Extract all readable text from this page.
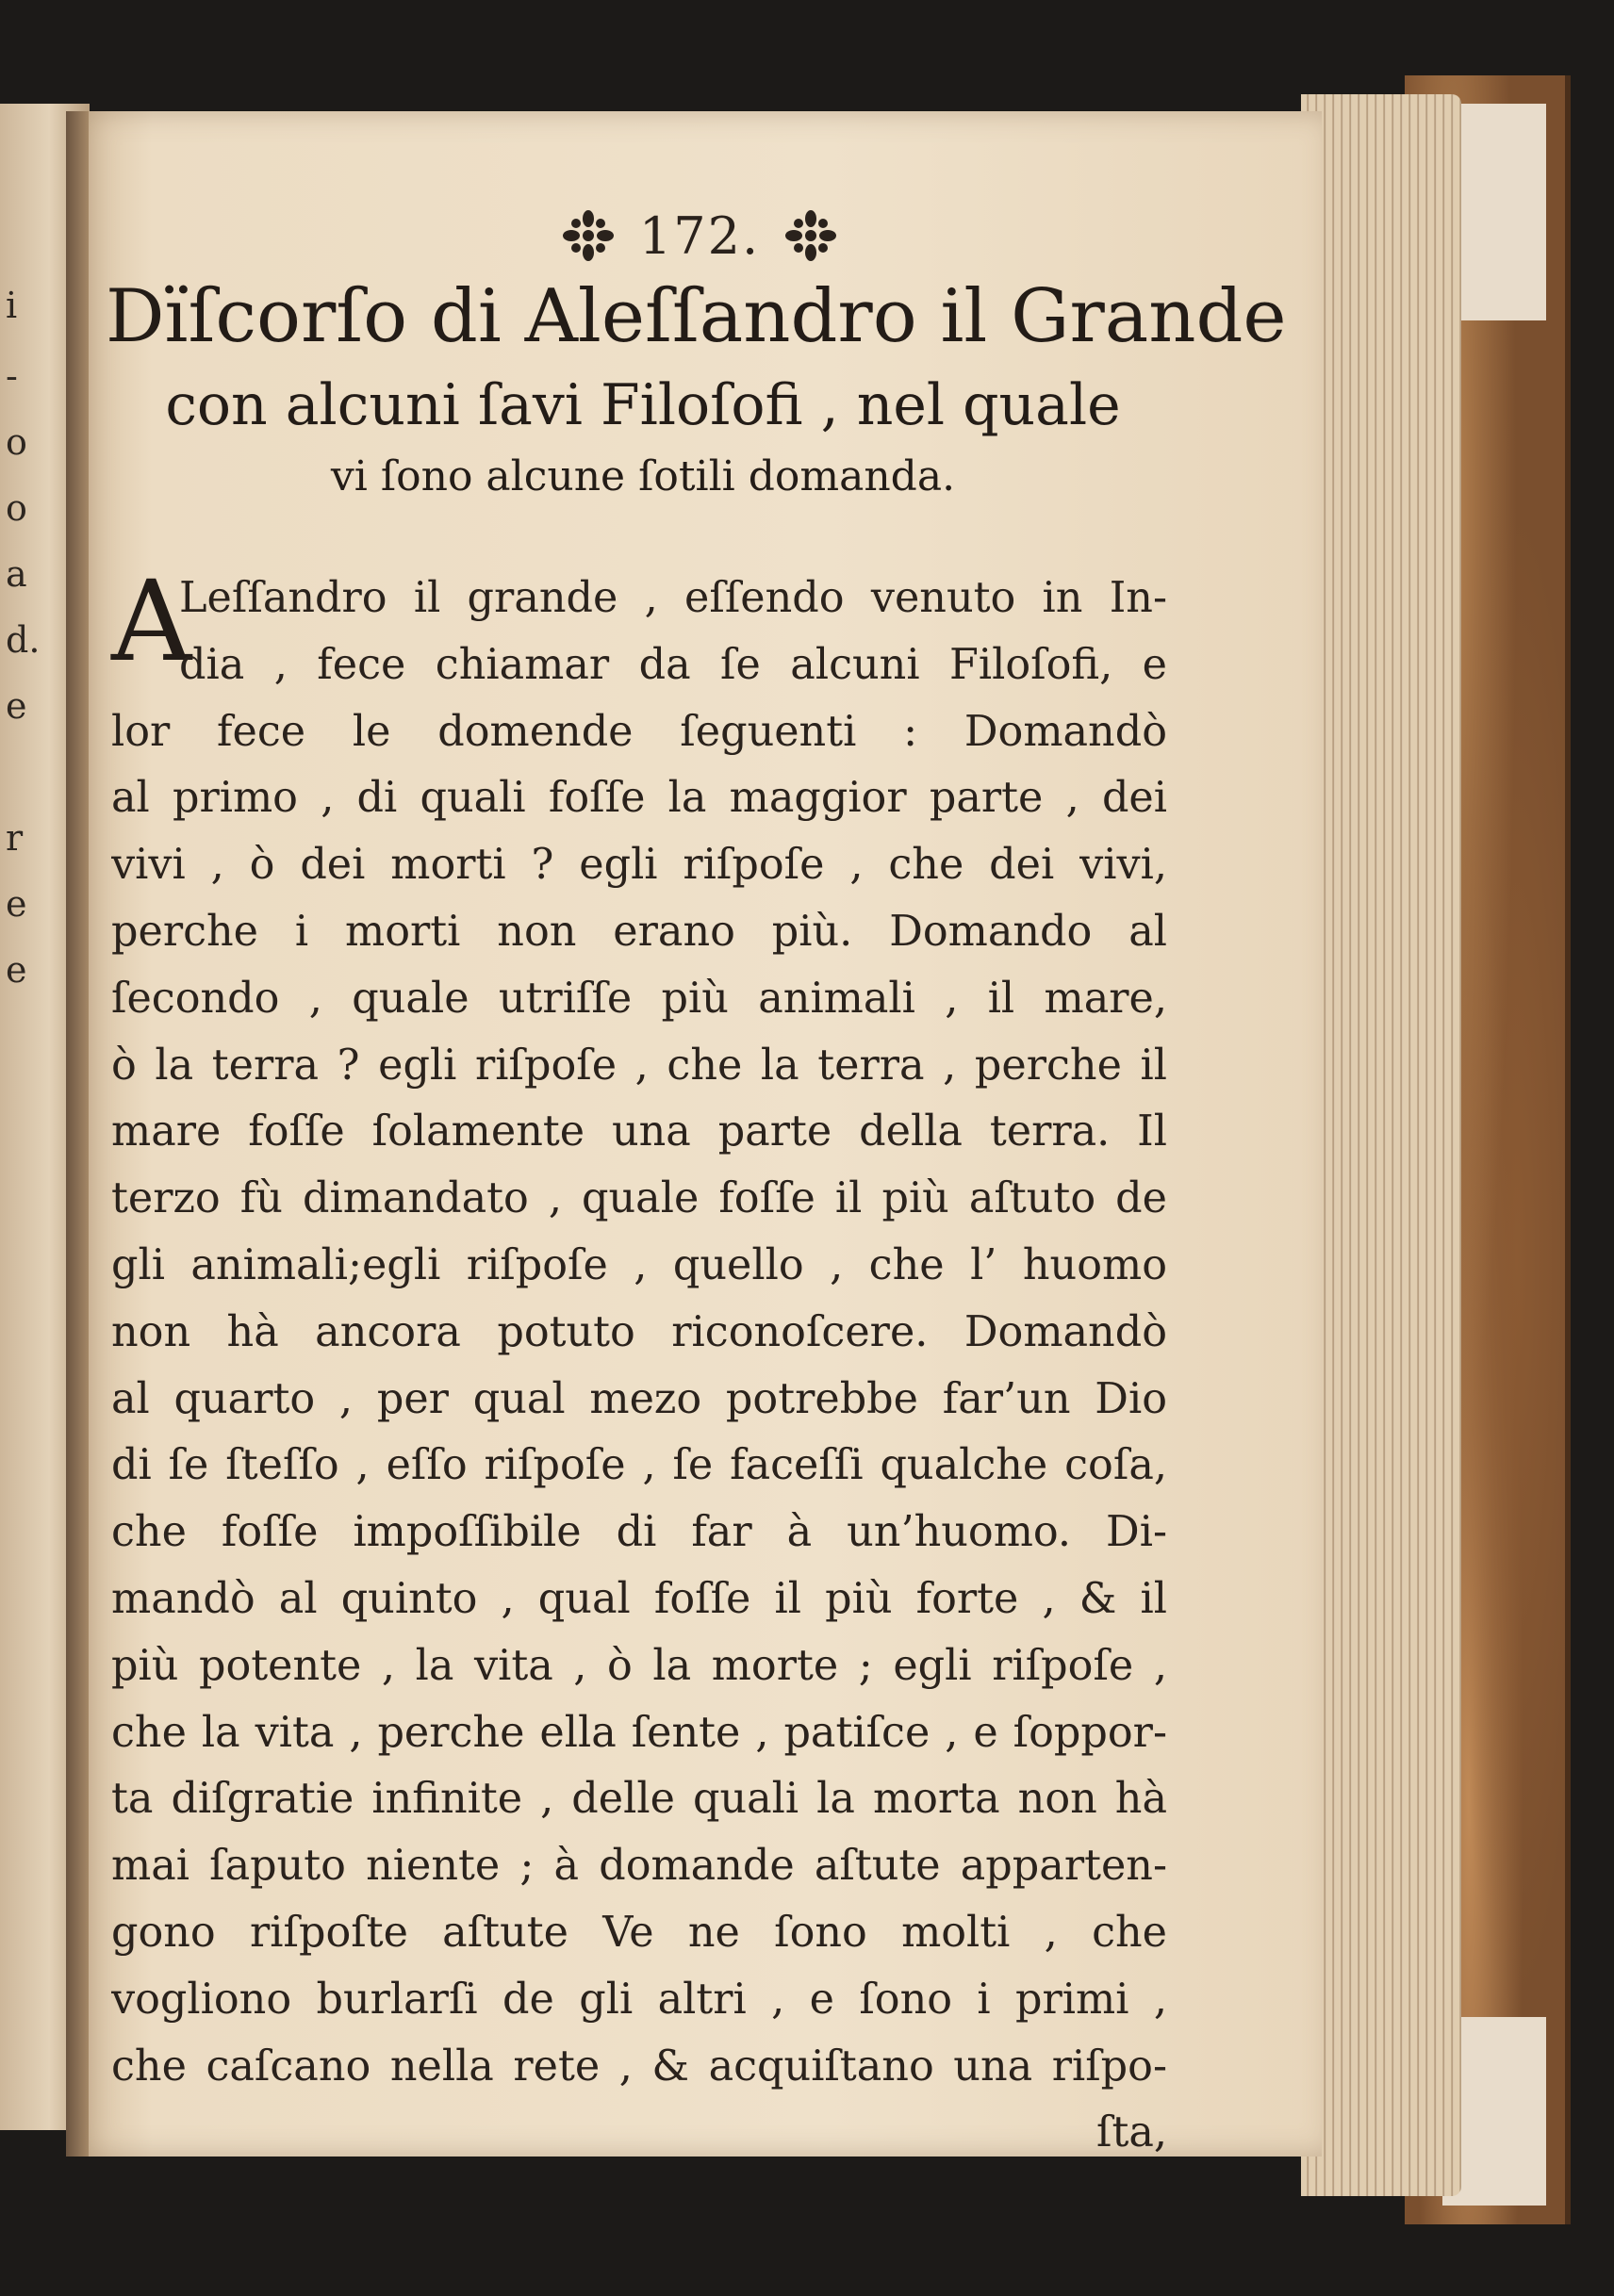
i
-
o
o
a
d.
e
r
e
e
172.
Dïſcorſo di Aleſſandro il Grande
con alcuni ſavi Filoſofi , nel quale
vi ſono alcune ſotili domanda.
A
Leſſandro il grande , eſſendo venuto in In-
dia , fece chiamar da ſe alcuni Filoſofi, e
lor fece le domende ſeguenti : Domandò
al primo , di quali foſſe la maggior parte , dei
vivi , ò dei morti ? egli riſpoſe , che dei vivi,
perche i morti non erano più. Domando al
ſecondo , quale utriſſe più animali , il mare,
ò la terra ? egli riſpoſe , che la terra , perche il
mare foſſe ſolamente una parte della terra. Il
terzo fù dimandato , quale foſſe il più aſtuto de
gli animali;egli riſpoſe , quello , che l’ huomo
non hà ancora potuto riconoſcere. Domandò
al quarto , per qual mezo potrebbe far’un Dio
di ſe ſteſſo , eſſo riſpoſe , ſe faceſſi qualche coſa,
che foſſe impoſſibile di far à un’huomo. Di-
mandò al quinto , qual foſſe il più forte , & il
più potente , la vita , ò la morte ; egli riſpoſe ,
che la vita , perche ella ſente , patiſce , e ſoppor-
ta diſgratie infinite , delle quali la morta non hà
mai ſaputo niente ; à domande aſtute apparten-
gono riſpoſte aſtute Ve ne ſono molti , che
vogliono burlarſi de gli altri , e ſono i primi ,
che caſcano nella rete , & acquiſtano una riſpo-
ſta,
